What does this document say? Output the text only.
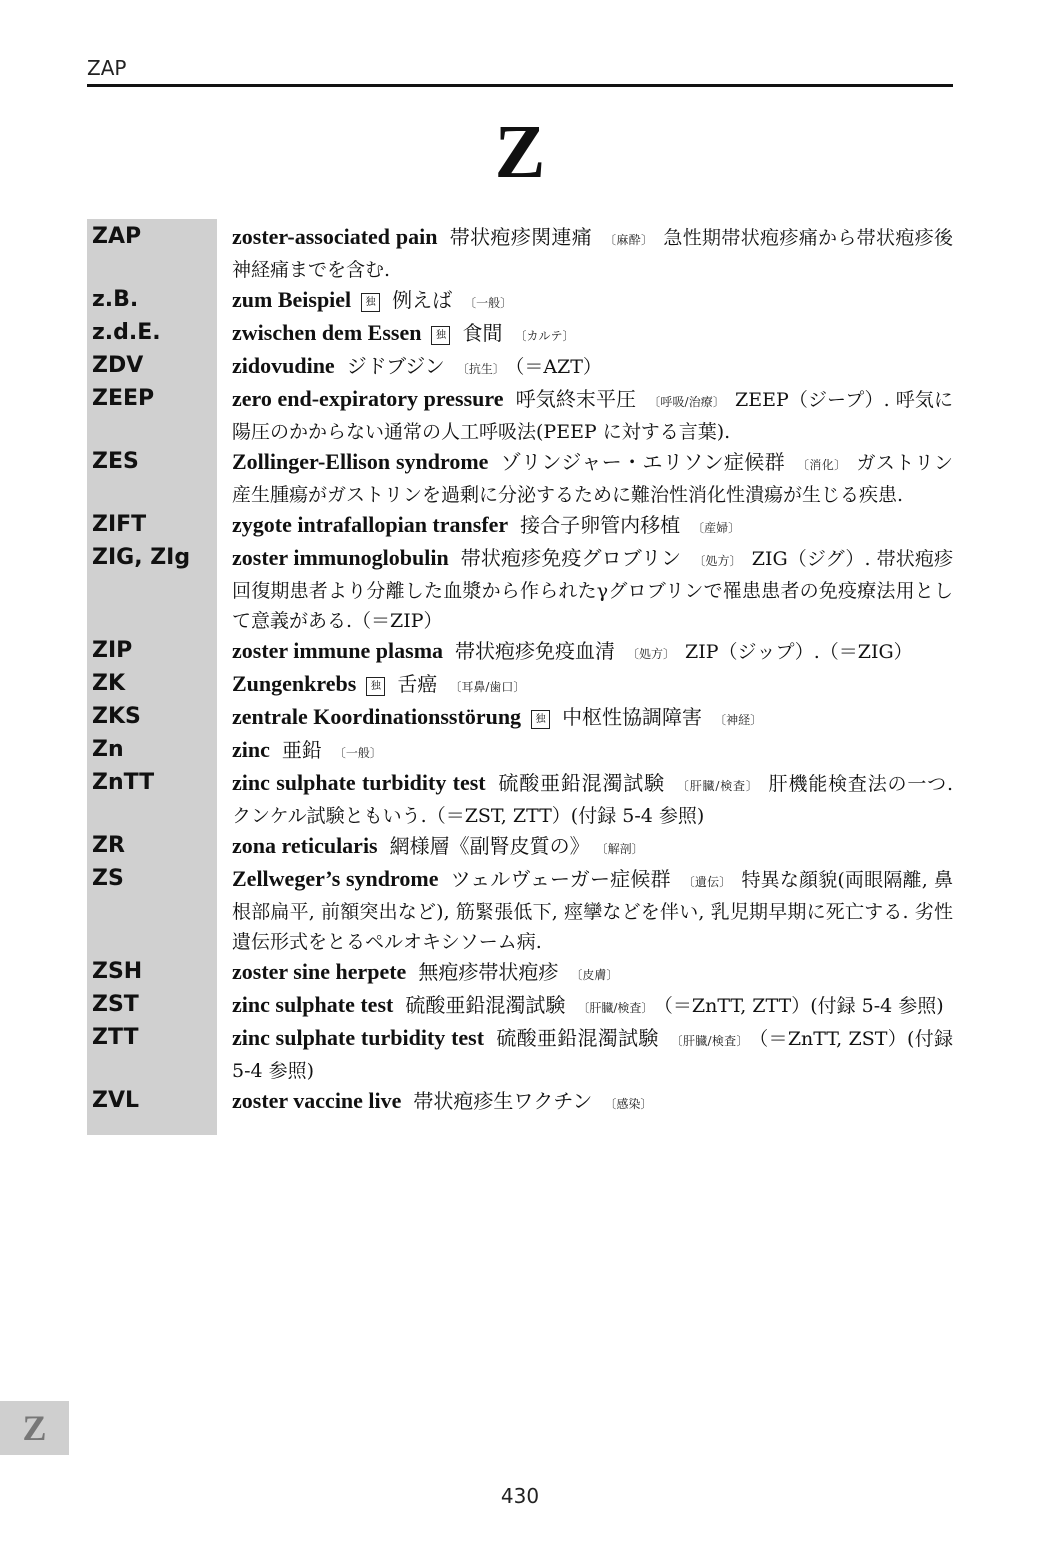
ZAP
Z
ZAP	zoster-associated pain 帯状疱疹関連痛 〔麻酔〕 急性期帯状疱疹痛から帯状疱疹後神経痛までを含む.
z.B.	zum Beispiel 独 例えば 〔一般〕
z.d.E.	zwischen dem Essen 独 食間 〔カルテ〕
ZDV	zidovudine ジドブジン 〔抗生〕 （＝AZT）
ZEEP	zero end-expiratory pressure 呼気終末平圧 〔呼吸/治療〕 ZEEP（ジープ）. 呼気に陽圧のかからない通常の人工呼吸法(PEEP に対する言葉).
ZES	Zollinger-Ellison syndrome ゾリンジャー・エリソン症候群 〔消化〕 ガストリン産生腫瘍がガストリンを過剰に分泌するために難治性消化性潰瘍が生じる疾患.
ZIFT	zygote intrafallopian transfer 接合子卵管内移植 〔産婦〕
ZIG, ZIg	zoster immunoglobulin 帯状疱疹免疫グロブリン 〔処方〕 ZIG（ジグ）. 帯状疱疹回復期患者より分離した血漿から作られたγグロブリンで罹患患者の免疫療法用として意義がある.（＝ZIP）
ZIP	zoster immune plasma 帯状疱疹免疫血清 〔処方〕 ZIP（ジップ）.（＝ZIG）
ZK	Zungenkrebs 独 舌癌 〔耳鼻/歯口〕
ZKS	zentrale Koordinationsstörung 独 中枢性協調障害 〔神経〕
Zn	zinc 亜鉛 〔一般〕
ZnTT	zinc sulphate turbidity test 硫酸亜鉛混濁試験 〔肝臓/検査〕 肝機能検査法の一つ. クンケル試験ともいう.（＝ZST, ZTT）(付録 5-4 参照)
ZR	zona reticularis 網様層《副腎皮質の》 〔解剖〕
ZS	Zellweger’s syndrome ツェルヴェーガー症候群 〔遺伝〕 特異な顔貌(両眼隔離, 鼻根部扁平, 前額突出など), 筋緊張低下, 痙攣などを伴い, 乳児期早期に死亡する. 劣性遺伝形式をとるペルオキシソーム病.
ZSH	zoster sine herpete 無疱疹帯状疱疹 〔皮膚〕
ZST	zinc sulphate test 硫酸亜鉛混濁試験 〔肝臓/検査〕 （＝ZnTT, ZTT）(付録 5-4 参照)
ZTT	zinc sulphate turbidity test 硫酸亜鉛混濁試験 〔肝臓/検査〕 （＝ZnTT, ZST）(付録 5-4 参照)
ZVL	zoster vaccine live 帯状疱疹生ワクチン 〔感染〕
Z
430
